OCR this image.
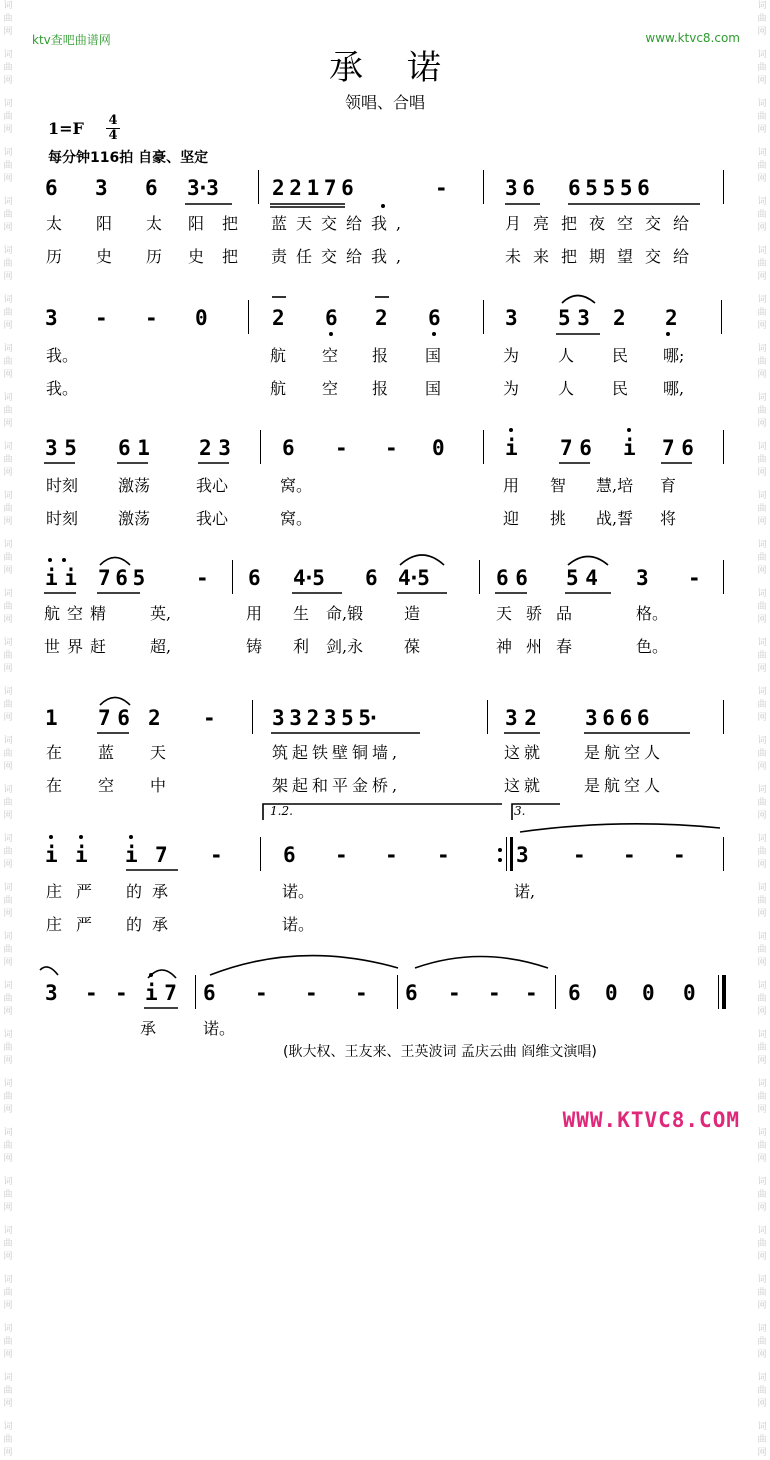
词
曲
网
词
曲
网
词
曲
网
词
曲
网
词
曲
网
词
曲
网
词
曲
网
词
曲
网
词
曲
网
词
曲
网
词
曲
网
词
曲
网
词
曲
网
词
曲
网
词
曲
网
词
曲
网
词
曲
网
词
曲
网
词
曲
网
词
曲
网
词
曲
网
词
曲
网
词
曲
网
词
曲
网
词
曲
网
词
曲
网
词
曲
网
词
曲
网
词
曲
网
词
曲
网
词
曲
网
词
曲
网
词
曲
网
词
曲
网
词
曲
网
词
曲
网
词
曲
网
词
曲
网
词
曲
网
词
曲
网
词
曲
网
词
曲
网
词
曲
网
词
曲
网
词
曲
网
词
曲
网
词
曲
网
词
曲
网
词
曲
网
词
曲
网
词
曲
网
词
曲
网
词
曲
网
词
曲
网
词
曲
网
词
曲
网
词
曲
网
词
曲
网
词
曲
网
词
曲
网
ktv查吧曲谱网	www.ktvc8.com
承诺
领唱、合唱
$1=F \frac{4}{4}$
每分钟116拍 自豪、坚定
6 3 6 3·3	2 2 1 7 6	-	3 6 6 5 5 5 6
太 阳 太 阳把 蓝天交给我,	月亮把夜空交给
历 史 历 史把 责任交给我,	未来把期望交给
3 - - 0	2 6 2 6	3 5 3 2 2
我。	航 空 报 国	为 人 民 哪;
我。	航 空 报 国	为 人 民 哪,
3 5 6 1 2 3	6 - - 0	i 7 6 i 7 6
时刻 激荡	我心	窝。	用 智 慧,培 育
时刻 激荡	我心	窝。	迎 挑 战,誓 将
i i 7 6 5	- 6 4·5 6 4·5	6 6 5 4 3 -
航空精 英,	用 生 命,锻	造	天骄品	格。
世界赶 超,	铸 利 剑,永	葆	神州春	色。
1 7 6 2 -	3 3 2 3 5 5·	3 2 3 6 6 6
在 蓝 天	筑起铁壁铜墙,	这就 是航空人
在 空 中	架起和平金桥,	这就 是航空人
1.2.	3.
i i i 7 -	6 - - -	3 - - -
庄 严 的承	诺。	诺,
庄 严 的承	诺。
3 - - i 7 6 - - - 6 - - - 6 0 0 0
承	诺。
(耿大权、王友来、王英波词 孟庆云曲 阎维文演唱)
WWW.KTVC8.COM
